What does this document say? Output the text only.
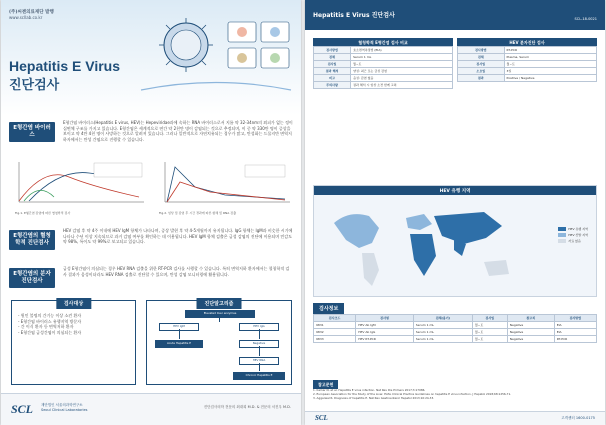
(주)씨젠의료재단 발행
www.scllab.co.kr
Hepatitis E Virus
진단검사
E형간염 바이러스
E형간염 바이러스(Hepatitis E virus, HEV)는 Hepeviridae과에 속하는 RNA 바이러스로서 지름 약 32-34nm의 외피가 없는 정이십면체 구조를 가지고 있습니다. E형간염은 세계적으로 연간 약 2천만 명이 감염되는 것으로 추정되며, 이 중 약 330만 명이 증상을 보이고 약 4만 4천 명이 사망하는 것으로 알려져 있습니다. 그러나 일반적으로 자연치유되는 경우가 많고, 만성화는 드물지만 면역저하자에서는 만성 간염으로 진행할 수 있습니다.
Fig.1. E형간염 감염에 따른 혈청학적 검사	Fig.2. 임상 및 감염 후 시간 경과에 따른 항체 및 RNA 검출
E형간염의 혈청학적 진단검사
HEV 감염 후 약 4주 이내에 HEV IgM 항체가 나타나며, 증상 발현 후 약 4-5개월까지 유지됩니다. IgG 항체는 IgM과 비슷한 시기에 나타나 수년 이상 지속되므로 과거 감염 여부를 확인하는 데 이용됩니다. HEV IgM 항체 검출은 급성 감염의 진단에 이용되며 민감도 약 98%, 특이도 약 99%로 보고되고 있습니다.
E형간염의 분자진단검사
급성 E형간염이 의심되는 경우 HEV RNA 검출을 위한 RT-PCR 검사를 시행할 수 있습니다. 특히 면역저하 환자에서는 혈청학적 검사 결과가 음성이더라도 HEV RNA 검출로 진단할 수 있으며, 만성 감염 모니터링에 활용됩니다.
검사대상
- 원인 불명의 간기능 이상 소견 환자
- E형간염 바이러스 유행지역 방문자
- 간 이식 환자 등 면역저하 환자
- E형간염 급성간염이 의심되는 환자
진단알고리즘
Elevated liver enzymes
HEV IgM	HEV IgG
Acute Hepatitis E	Negative
HEV RNA
Chronic Hepatitis E
SCL 재단법인 서울의과학연구소
Seoul Clinical Laboratories
진단검사의학 전문의 최대희 M.D. & 전문의 서진우 M.D.
Hepatitis E Virus 진단검사	SCL-18-0021
혈청학적 E형간염 검사 비교
검사방법	효소면역측정법 (EIA)
검체	Serum 1 mL
검사일	월~토
결과 해석	양성: 최근 또는 급성 감염
비고	음성: 감염 없음
주의사항	결과 해석 시 임상 소견 함께 고려
HEV 분자진단 검사
검사방법	RT-PCR
검체	Plasma, Serum
검사일	월~토
소요일	3일
결과	Positive / Negative
HEV 유행 지역
HEV 유행 지역
HEV 산발 지역
자료 없음
검사정보
검사코드	검사명	검체(용기)	검사일	참고치	검사방법
9831	HEV Ab IgM	Serum 1 mL	월~토	Negative	EIA
9832	HEV Ab IgG	Serum 1 mL	월~토	Negative	EIA
9833	HEV RT-PCR	Serum 1 mL	월~토	Negative	RT-PCR
참고문헌
1. Kamar N, et al. Hepatitis E virus infection. Nat Rev Dis Primers 2017;3:17086.
2. European Association for the Study of the Liver. EASL Clinical Practice Guidelines on hepatitis E virus infection. J Hepatol 2018;68:1256-71.
3. Aggarwal R. Diagnosis of hepatitis E. Nat Rev Gastroenterol Hepatol 2013;10:24-33.
SCL	고객센터 1600-0175
